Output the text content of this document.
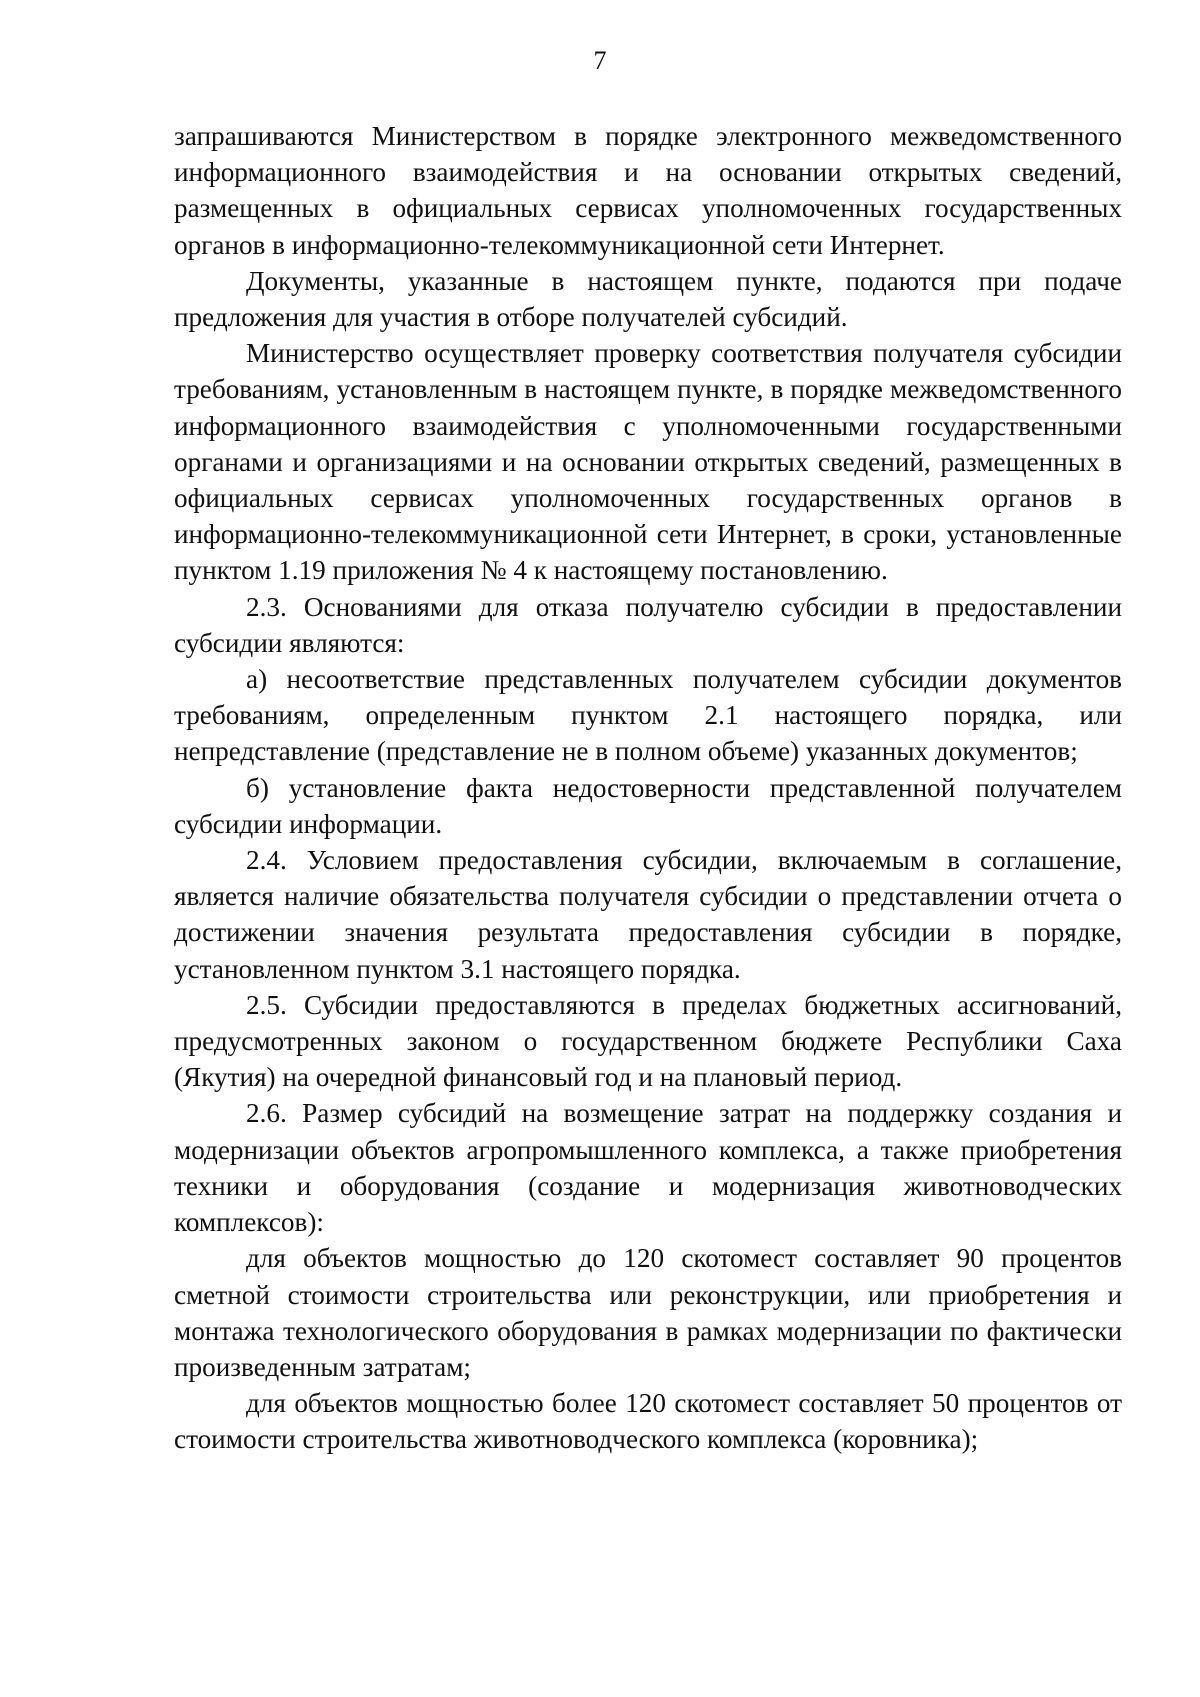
7

запрашиваются Министерством в порядке электронного межведомственного информационного взаимодействия и на основании открытых сведений, размещенных в официальных сервисах уполномоченных государственных органов в информационно-телекоммуникационной сети Интернет.

Документы, указанные в настоящем пункте, подаются при подаче предложения для участия в отборе получателей субсидий.

Министерство осуществляет проверку соответствия получателя субсидии требованиям, установленным в настоящем пункте, в порядке межведомственного информационного взаимодействия с уполномоченными государственными органами и организациями и на основании открытых сведений, размещенных в официальных сервисах уполномоченных государственных органов в информационно-телекоммуникационной сети Интернет, в сроки, установленные пунктом 1.19 приложения № 4 к настоящему постановлению.

2.3. Основаниями для отказа получателю субсидии в предоставлении субсидии являются:

а) несоответствие представленных получателем субсидии документов требованиям, определенным пунктом 2.1 настоящего порядка, или непредставление (представление не в полном объеме) указанных документов;

б) установление факта недостоверности представленной получателем субсидии информации.

2.4. Условием предоставления субсидии, включаемым в соглашение, является наличие обязательства получателя субсидии о представлении отчета о достижении значения результата предоставления субсидии в порядке, установленном пунктом 3.1 настоящего порядка.

2.5. Субсидии предоставляются в пределах бюджетных ассигнований, предусмотренных законом о государственном бюджете Республики Саха (Якутия) на очередной финансовый год и на плановый период.

2.6. Размер субсидий на возмещение затрат на поддержку создания и модернизации объектов агропромышленного комплекса, а также приобретения техники и оборудования (создание и модернизация животноводческих комплексов):

для объектов мощностью до 120 скотомест составляет 90 процентов сметной стоимости строительства или реконструкции, или приобретения и монтажа технологического оборудования в рамках модернизации по фактически произведенным затратам;

для объектов мощностью более 120 скотомест составляет 50 процентов от стоимости строительства животноводческого комплекса (коровника);
